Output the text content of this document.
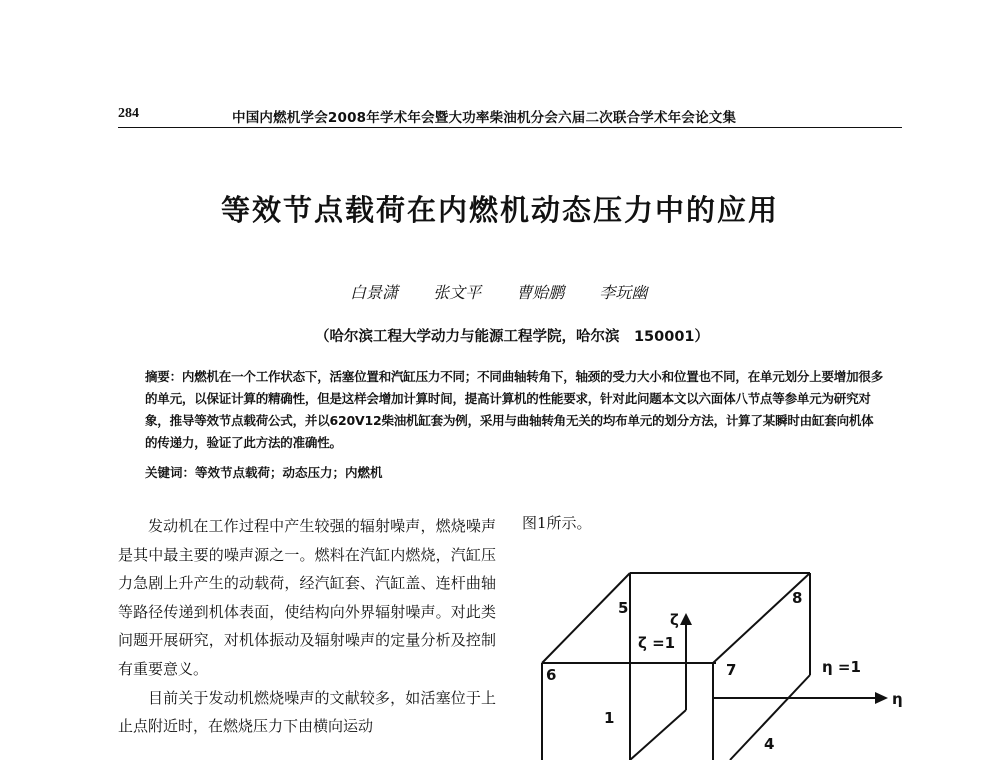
284	中国内燃机学会2008年学术年会暨大功率柴油机分会六届二次联合学术年会论文集
等效节点载荷在内燃机动态压力中的应用
白景潇 张文平 曹贻鹏 李玩幽
（哈尔滨工程大学动力与能源工程学院，哈尔滨　150001）
摘要：内燃机在一个工作状态下，活塞位置和汽缸压力不同；不同曲轴转角下，轴颈的受力大小和位置也不同，在单元划分上要增加很多的单元，以保证计算的精确性，但是这样会增加计算时间，提高计算机的性能要求，针对此问题本文以六面体八节点等参单元为研究对象，推导等效节点载荷公式，并以620V12柴油机缸套为例，采用与曲轴转角无关的均布单元的划分方法，计算了某瞬时由缸套向机体的传递力，验证了此方法的准确性。
关键词：等效节点载荷；动态压力；内燃机

发动机在工作过程中产生较强的辐射噪声，燃烧噪声是其中最主要的噪声源之一。燃料在汽缸内燃烧，汽缸压力急剧上升产生的动载荷，经汽缸套、汽缸盖、连杆曲轴等路径传递到机体表面，使结构向外界辐射噪声。对此类问题开展研究，对机体振动及辐射噪声的定量分析及控制有重要意义。

目前关于发动机燃烧噪声的文献较多，如活塞位于上止点附近时，在燃烧压力下由横向运动

图1所示。
5
8
6	7
1
4
ζ
ζ =1
η
η =1
